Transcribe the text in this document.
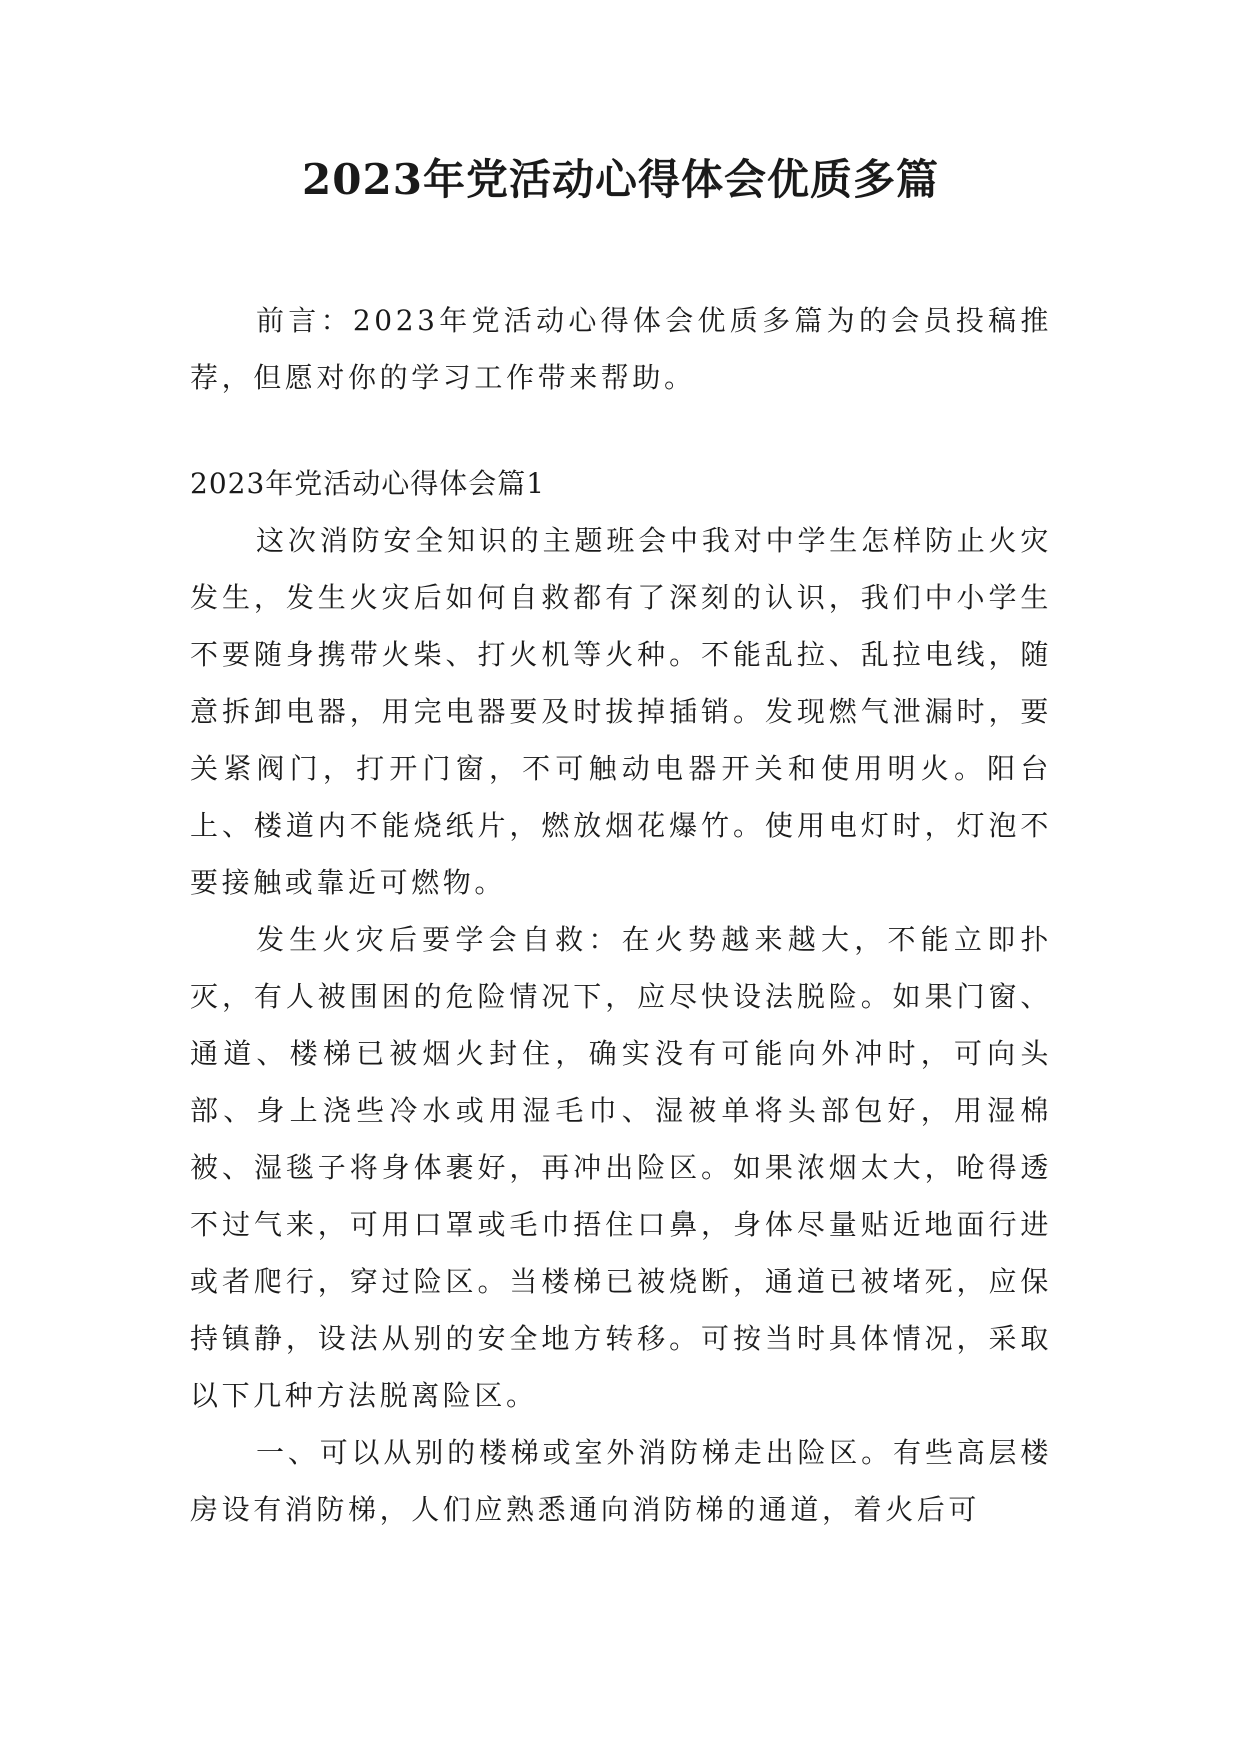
2023年党活动心得体会优质多篇

前言：2023年党活动心得体会优质多篇为的会员投稿推荐，但愿对你的学习工作带来帮助。

2023年党活动心得体会篇1

这次消防安全知识的主题班会中我对中学生怎样防止火灾发生，发生火灾后如何自救都有了深刻的认识，我们中小学生不要随身携带火柴、打火机等火种。不能乱拉、乱拉电线，随意拆卸电器，用完电器要及时拔掉插销。发现燃气泄漏时，要关紧阀门，打开门窗，不可触动电器开关和使用明火。阳台上、楼道内不能烧纸片，燃放烟花爆竹。使用电灯时，灯泡不要接触或靠近可燃物。

发生火灾后要学会自救：在火势越来越大，不能立即扑灭，有人被围困的危险情况下，应尽快设法脱险。如果门窗、通道、楼梯已被烟火封住，确实没有可能向外冲时，可向头部、身上浇些冷水或用湿毛巾、湿被单将头部包好，用湿棉被、湿毯子将身体裹好，再冲出险区。如果浓烟太大，呛得透不过气来，可用口罩或毛巾捂住口鼻，身体尽量贴近地面行进或者爬行，穿过险区。当楼梯已被烧断，通道已被堵死，应保持镇静，设法从别的安全地方转移。可按当时具体情况，采取以下几种方法脱离险区。

一、可以从别的楼梯或室外消防梯走出险区。有些高层楼房设有消防梯，人们应熟悉通向消防梯的通道，着火后可
